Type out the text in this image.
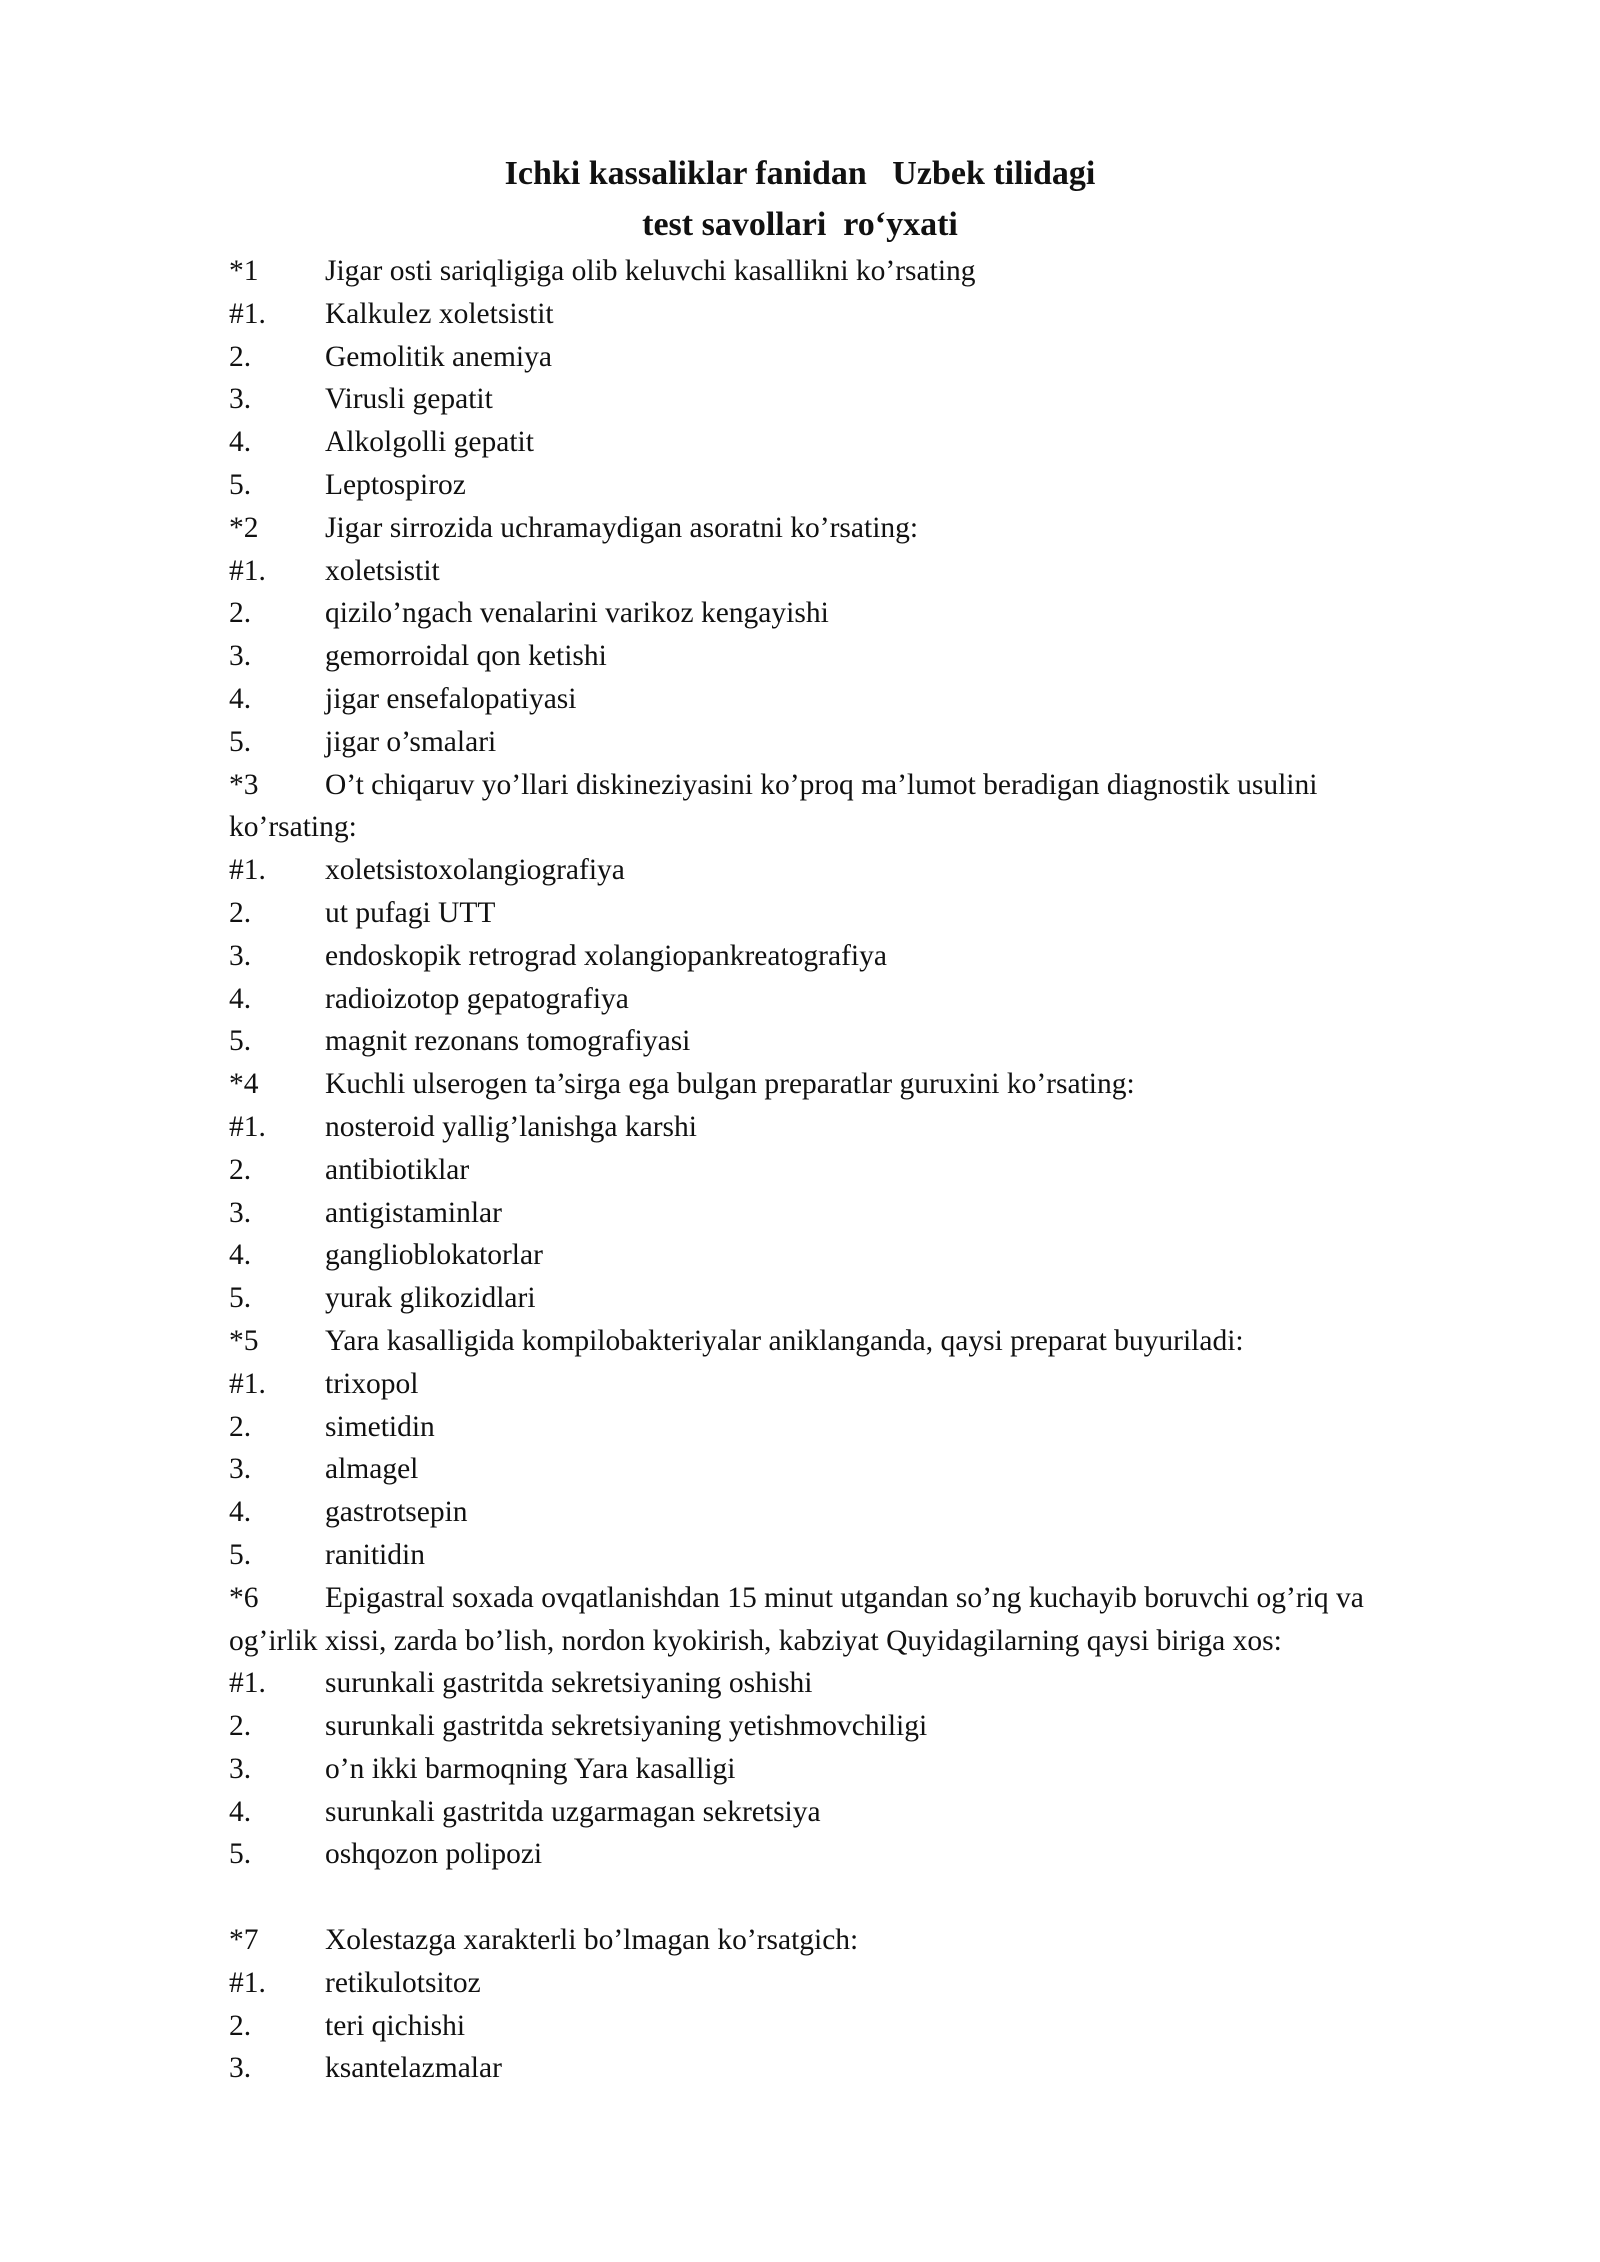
Ichki kassaliklar fanidan   Uzbek tilidagi
test savollari  ro‘yxati
*1 Jigar osti sariqligiga olib keluvchi kasallikni ko’rsating
#1. Kalkulez xoletsistit
2.	Gemolitik anemiya
3.	Virusli gepatit
4.	Alkolgolli gepatit
5.	Leptospiroz
*2 Jigar sirrozida uchramaydigan asoratni ko’rsating:
#1. xoletsistit
2.	qizilo’ngach venalarini varikoz kengayishi
3.	gemorroidal qon ketishi
4.	jigar ensefalopatiyasi
5.	jigar o’smalari
*3 O’t chiqaruv yo’llari diskineziyasini ko’proq ma’lumot beradigan diagnostik usulini
ko’rsating:
#1. xoletsistoxolangiografiya
2.	ut pufagi UTT
3.	endoskopik retrograd xolangiopankreatografiya
4.	radioizotop gepatografiya
5.	magnit rezonans tomografiyasi
*4 Kuchli ulserogen ta’sirga ega bulgan preparatlar guruxini ko’rsating:
#1. nosteroid yallig’lanishga karshi
2.	antibiotiklar
3.	antigistaminlar
4.	ganglioblokatorlar
5.	yurak glikozidlari
*5 Yara kasalligida kompilobakteriyalar aniklanganda, qaysi preparat buyuriladi:
#1. trixopol
2.	simetidin
3.	almagel
4.	gastrotsepin
5.	ranitidin
*6 Epigastral soxada ovqatlanishdan 15 minut utgandan so’ng kuchayib boruvchi og’riq va
og’irlik xissi, zarda bo’lish, nordon kyokirish, kabziyat Quyidagilarning qaysi biriga xos:
#1. surunkali gastritda sekretsiyaning oshishi
2.	surunkali gastritda sekretsiyaning yetishmovchiligi
3.	o’n ikki barmoqning Yara kasalligi
4.	surunkali gastritda uzgarmagan sekretsiya
5.	oshqozon polipozi
*7 Xolestazga xarakterli bo’lmagan ko’rsatgich:
#1. retikulotsitoz
2.	teri qichishi
3.	ksantelazmalar
